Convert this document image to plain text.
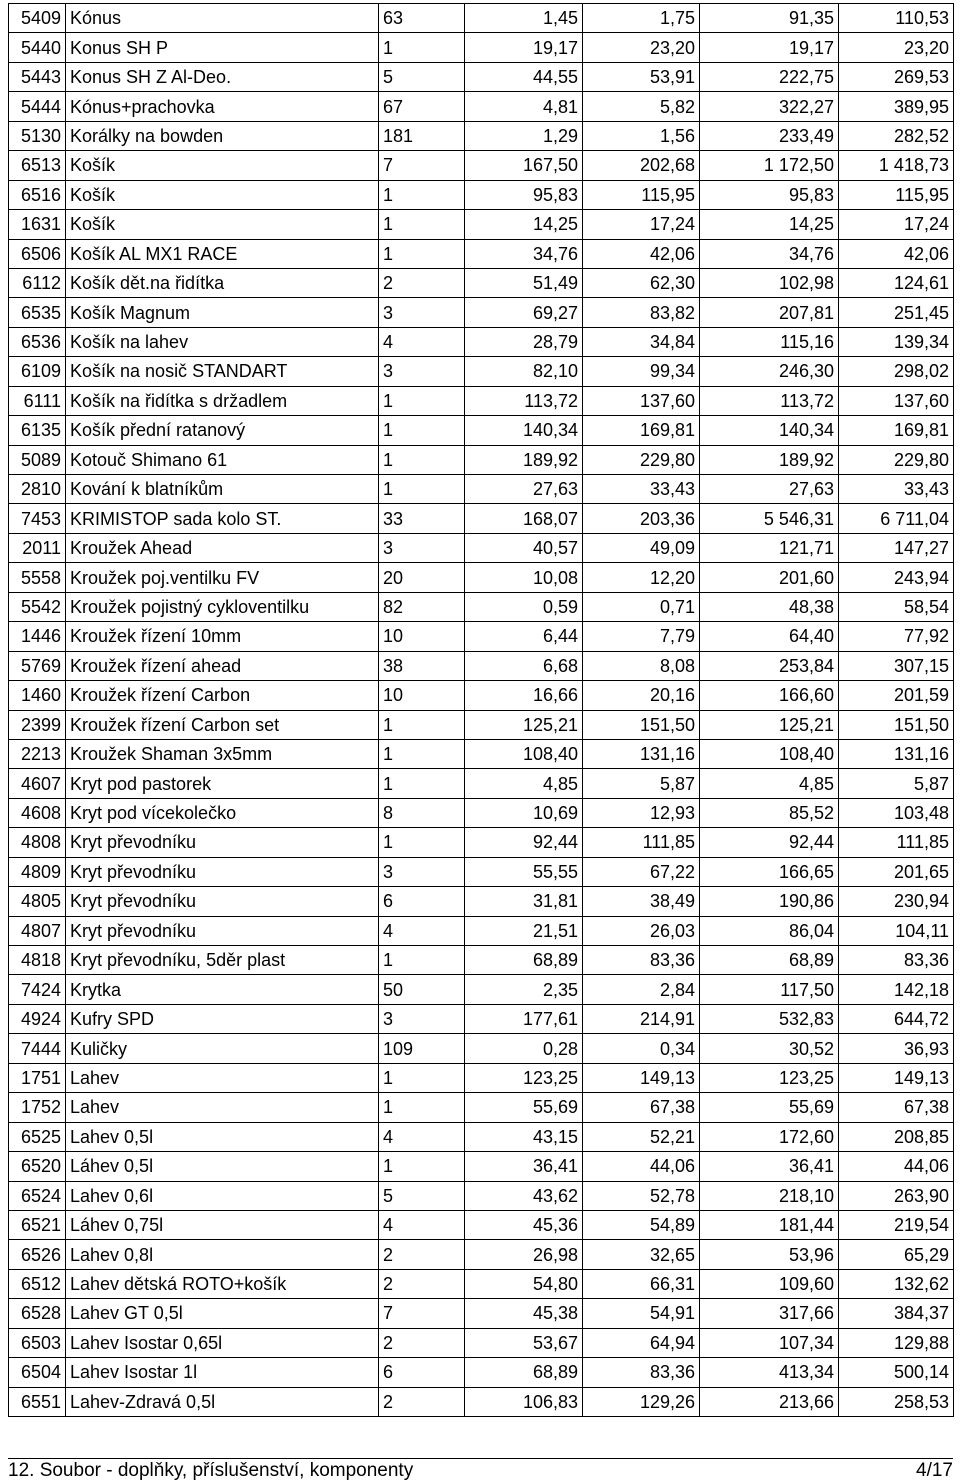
5409	Kónus	63	1,45	1,75	91,35	110,53
5440	Konus SH P	1	19,17	23,20	19,17	23,20
5443	Konus SH Z Al-Deo.	5	44,55	53,91	222,75	269,53
5444	Kónus+prachovka	67	4,81	5,82	322,27	389,95
5130	Korálky na bowden	181	1,29	1,56	233,49	282,52
6513	Košík	7	167,50	202,68	1 172,50	1 418,73
6516	Košík	1	95,83	115,95	95,83	115,95
1631	Košík	1	14,25	17,24	14,25	17,24
6506	Košík AL MX1 RACE	1	34,76	42,06	34,76	42,06
6112	Košík dět.na řidítka	2	51,49	62,30	102,98	124,61
6535	Košík Magnum	3	69,27	83,82	207,81	251,45
6536	Košík na lahev	4	28,79	34,84	115,16	139,34
6109	Košík na nosič STANDART	3	82,10	99,34	246,30	298,02
6111	Košík na řidítka s držadlem	1	113,72	137,60	113,72	137,60
6135	Košík přední ratanový	1	140,34	169,81	140,34	169,81
5089	Kotouč Shimano 61	1	189,92	229,80	189,92	229,80
2810	Kování k blatníkům	1	27,63	33,43	27,63	33,43
7453	KRIMISTOP sada kolo ST.	33	168,07	203,36	5 546,31	6 711,04
2011	Kroužek Ahead	3	40,57	49,09	121,71	147,27
5558	Kroužek poj.ventilku FV	20	10,08	12,20	201,60	243,94
5542	Kroužek pojistný cykloventilku	82	0,59	0,71	48,38	58,54
1446	Kroužek řízení 10mm	10	6,44	7,79	64,40	77,92
5769	Kroužek řízení ahead	38	6,68	8,08	253,84	307,15
1460	Kroužek řízení Carbon	10	16,66	20,16	166,60	201,59
2399	Kroužek řízení Carbon set	1	125,21	151,50	125,21	151,50
2213	Kroužek Shaman 3x5mm	1	108,40	131,16	108,40	131,16
4607	Kryt pod pastorek	1	4,85	5,87	4,85	5,87
4608	Kryt pod vícekolečko	8	10,69	12,93	85,52	103,48
4808	Kryt převodníku	1	92,44	111,85	92,44	111,85
4809	Kryt převodníku	3	55,55	67,22	166,65	201,65
4805	Kryt převodníku	6	31,81	38,49	190,86	230,94
4807	Kryt převodníku	4	21,51	26,03	86,04	104,11
4818	Kryt převodníku, 5děr plast	1	68,89	83,36	68,89	83,36
7424	Krytka	50	2,35	2,84	117,50	142,18
4924	Kufry SPD	3	177,61	214,91	532,83	644,72
7444	Kuličky	109	0,28	0,34	30,52	36,93
1751	Lahev	1	123,25	149,13	123,25	149,13
1752	Lahev	1	55,69	67,38	55,69	67,38
6525	Lahev 0,5l	4	43,15	52,21	172,60	208,85
6520	Láhev 0,5l	1	36,41	44,06	36,41	44,06
6524	Lahev 0,6l	5	43,62	52,78	218,10	263,90
6521	Láhev 0,75l	4	45,36	54,89	181,44	219,54
6526	Lahev 0,8l	2	26,98	32,65	53,96	65,29
6512	Lahev dětská ROTO+košík	2	54,80	66,31	109,60	132,62
6528	Lahev GT 0,5l	7	45,38	54,91	317,66	384,37
6503	Lahev Isostar 0,65l	2	53,67	64,94	107,34	129,88
6504	Lahev Isostar 1l	6	68,89	83,36	413,34	500,14
6551	Lahev-Zdravá 0,5l	2	106,83	129,26	213,66	258,53
12. Soubor - doplňky, příslušenství, komponenty	4/17
